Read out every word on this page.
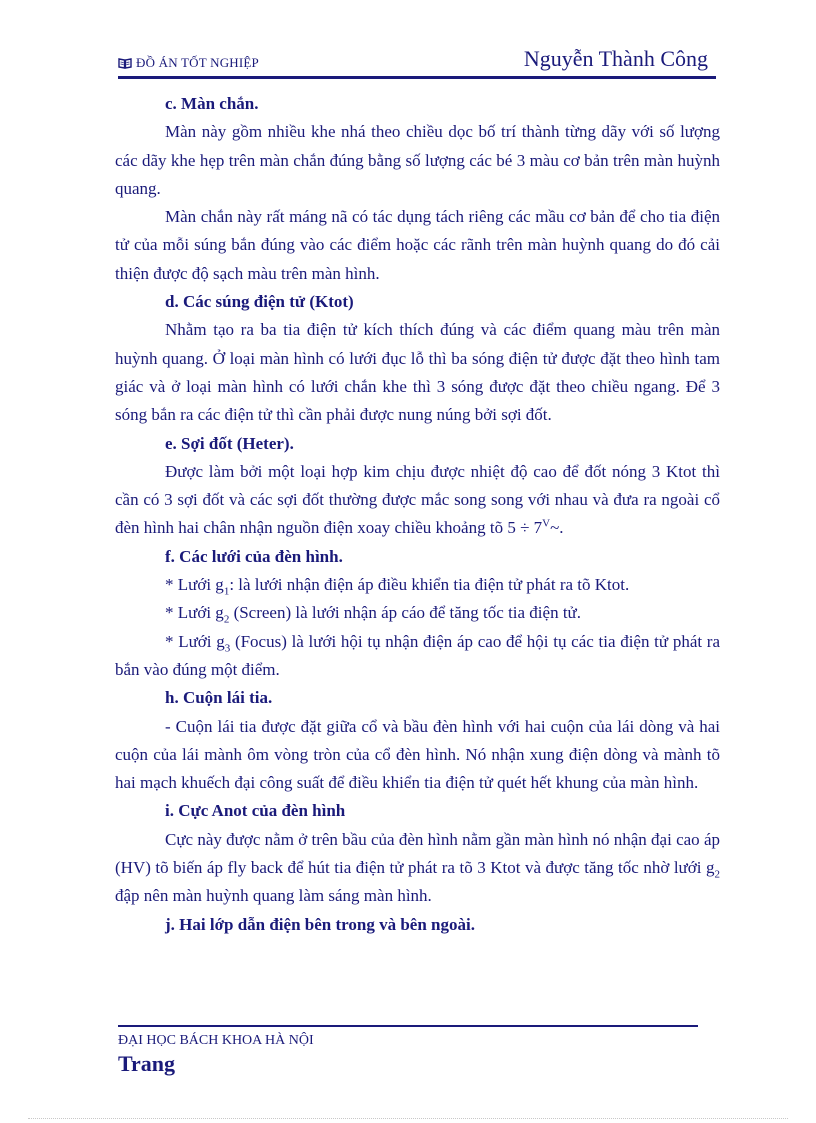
ĐỒ ÁN TỐT NGHIỆP	Nguyễn Thành Công

c. Màn chắn.

Màn này gồm nhiều khe nhá theo chiều dọc bố trí thành từng dãy với số lượng các dãy khe hẹp trên màn chắn đúng bằng số lượng các bé 3 màu cơ bản trên màn huỳnh quang.

Màn chắn này rất máng nã có tác dụng tách riêng các mầu cơ bản để cho tia điện tử của mỗi súng bắn đúng vào các điểm hoặc các rãnh trên màn huỳnh quang do đó cải thiện được độ sạch màu trên màn hình.

d. Các súng điện tử (Ktot)

Nhằm tạo ra ba tia điện tử kích thích đúng và các điểm quang màu trên màn huỳnh quang. Ở loại màn hình có lưới đục lỗ thì ba sóng điện tử được đặt theo hình tam giác và ở loại màn hình có lưới chắn khe thì 3 sóng được đặt theo chiều ngang. Để 3 sóng bắn ra các điện tử thì cần phải được nung núng bởi sợi đốt.

e. Sợi đốt (Heter).

Được làm bởi một loại hợp kim chịu được nhiệt độ cao để đốt nóng 3 Ktot thì cần có 3 sợi đốt và các sợi đốt thường được mắc song song với nhau và đưa ra ngoài cổ đèn hình hai chân nhận nguồn điện xoay chiều khoảng tõ $5 \div 7^V\sim$.

f. Các lưới của đèn hình.

* Lưới $g_1$: là lưới nhận điện áp điều khiển tia điện tử phát ra tõ Ktot.

* Lưới $g_2$ (Screen) là lưới nhận áp cáo để tăng tốc tia điện tử.

* Lưới $g_3$ (Focus) là lưới hội tụ nhận điện áp cao để hội tụ các tia điện tử phát ra bắn vào đúng một điểm.

h. Cuộn lái tia.

- Cuộn lái tia được đặt giữa cổ và bầu đèn hình với hai cuộn của lái dòng và hai cuộn của lái mành ôm vòng tròn của cổ đèn hình. Nó nhận xung điện dòng và mành tõ hai mạch khuếch đại công suất để điều khiển tia điện tử quét hết khung của màn hình.

i. Cực Anot của đèn hình

Cực này được nằm ở trên bầu của đèn hình nằm gần màn hình nó nhận đại cao áp (HV) tõ biến áp fly back để hút tia điện tử phát ra tõ 3 Ktot và được tăng tốc nhờ lưới $g_2$ đập nên màn huỳnh quang làm sáng màn hình.

j. Hai lớp dẫn điện bên trong và bên ngoài.

ĐẠI HỌC BÁCH KHOA HÀ NỘI
Trang
